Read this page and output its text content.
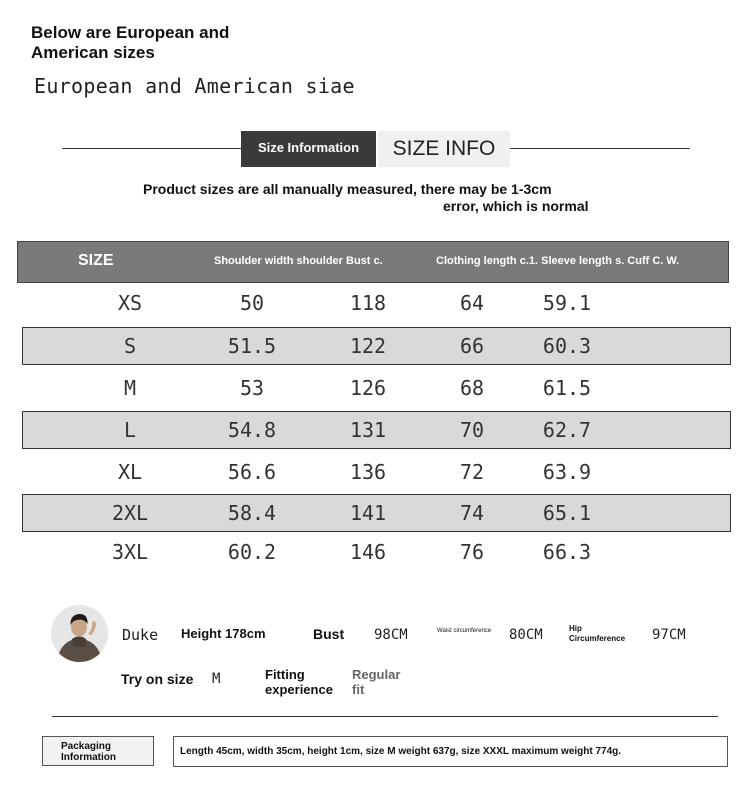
Below are European and American sizes
European and American siae
Size Information	SIZE INFO
Product sizes are all manually measured, there may be 1-3cm
error, which is normal
SIZE	Shoulder width shoulder Bust c.	Clothing length c.1. Sleeve length s. Cuff C. W.
XS	50	118	64	59.1
S	51.5	122	66	60.3
M	53	126	68	61.5
L	54.8	131	70	62.7
XL	56.6	136	72	63.9
2XL	58.4	141	74	65.1
3XL	60.2	146	76	66.3
Duke Height 178cm	Bust 98CM	Waist circumference	80CM	Hip Circumference	97CM
Try on size M	Fitting experience
Regular fit
Packaging Information
Length 45cm, width 35cm, height 1cm, size M weight 637g, size XXXL maximum weight 774g.
